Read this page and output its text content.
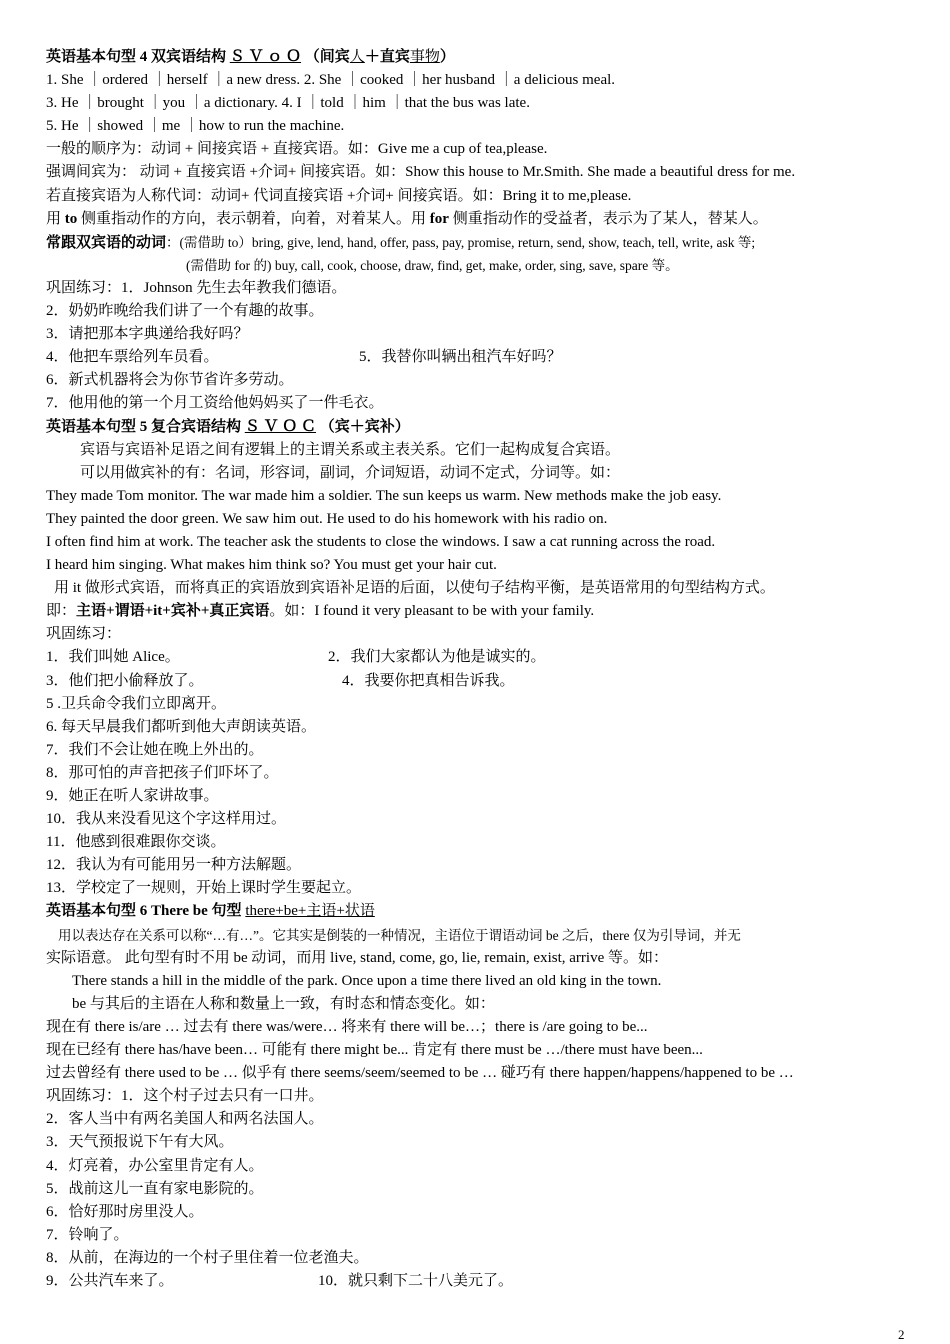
英语基本句型 4 双宾语结构 Ｓ Ｖ ｏ Ｏ （间宾人＋直宾事物）
1. She ｜ordered ｜herself ｜a new dress. 2. She ｜cooked ｜her husband ｜a delicious meal.
3. He ｜brought ｜you ｜a dictionary. 4. I ｜told ｜him ｜that the bus was late.
5. He ｜showed ｜me ｜how to run the machine.
一般的顺序为：动词 + 间接宾语 + 直接宾语。如：Give me a cup of tea,please.
强调间宾为： 动词 + 直接宾语 +介词+ 间接宾语。如：Show this house to Mr.Smith. She made a beautiful dress for me.
若直接宾语为人称代词：动词+ 代词直接宾语 +介词+ 间接宾语。如：Bring it to me,please.
用 to 侧重指动作的方向，表示朝着，向着，对着某人。用 for 侧重指动作的受益者，表示为了某人，替某人。
常跟双宾语的动词：(需借助 to）bring, give, lend, hand, offer, pass, pay, promise, return, send, show, teach, tell, write, ask 等;
(需借助 for 的) buy, call, cook, choose, draw, find, get, make, order, sing, save, spare 等。
巩固练习：1．Johnson 先生去年教我们德语。
2．奶奶昨晚给我们讲了一个有趣的故事。
3．请把那本字典递给我好吗？
4．他把车票给列车员看。	5．我替你叫辆出租汽车好吗？
6．新式机器将会为你节省许多劳动。
7．他用他的第一个月工资给他妈妈买了一件毛衣。
英语基本句型 5 复合宾语结构 Ｓ Ｖ Ｏ Ｃ （宾＋宾补）
宾语与宾语补足语之间有逻辑上的主谓关系或主表关系。它们一起构成复合宾语。
可以用做宾补的有：名词，形容词，副词，介词短语，动词不定式，分词等。如：
They made Tom monitor. The war made him a soldier. The sun keeps us warm. New methods make the job easy.
They painted the door green. We saw him out. He used to do his homework with his radio on.
I often find him at work. The teacher ask the students to close the windows. I saw a cat running across the road.
I heard him singing. What makes him think so? You must get your hair cut.
用 it 做形式宾语，而将真正的宾语放到宾语补足语的后面，以使句子结构平衡，是英语常用的句型结构方式。
即：主语+谓语+it+宾补+真正宾语。如：I found it very pleasant to be with your family.
巩固练习：
1．我们叫她 Alice。	2．我们大家都认为他是诚实的。
3．他们把小偷释放了。	4．我要你把真相告诉我。
5 .卫兵命令我们立即离开。
6. 每天早晨我们都听到他大声朗读英语。
7．我们不会让她在晚上外出的。
8．那可怕的声音把孩子们吓坏了。
9．她正在听人家讲故事。
10．我从来没看见这个字这样用过。
11．他感到很难跟你交谈。
12．我认为有可能用另一种方法解题。
13．学校定了一规则，开始上课时学生要起立。
英语基本句型 6 There be 句型 there+be+主语+状语
用以表达存在关系可以称“…有…”。它其实是倒装的一种情况，主语位于谓语动词 be 之后，there 仅为引导词，并无
实际语意。 此句型有时不用 be 动词，而用 live, stand, come, go, lie, remain, exist, arrive 等。如：
There stands a hill in the middle of the park. Once upon a time there lived an old king in the town.
be 与其后的主语在人称和数量上一致，有时态和情态变化。如：
现在有 there is/are … 过去有 there was/were… 将来有 there will be…；there is /are going to be...
现在已经有 there has/have been… 可能有 there might be... 肯定有 there must be …/there must have been...
过去曾经有 there used to be … 似乎有 there seems/seem/seemed to be … 碰巧有 there happen/happens/happened to be …
巩固练习：1．这个村子过去只有一口井。
2．客人当中有两名美国人和两名法国人。
3．天气预报说下午有大风。
4．灯亮着，办公室里肯定有人。
5．战前这儿一直有家电影院的。
6．恰好那时房里没人。
7．铃响了。
8．从前，在海边的一个村子里住着一位老渔夫。
9．公共汽车来了。	10．就只剩下二十八美元了。
2
